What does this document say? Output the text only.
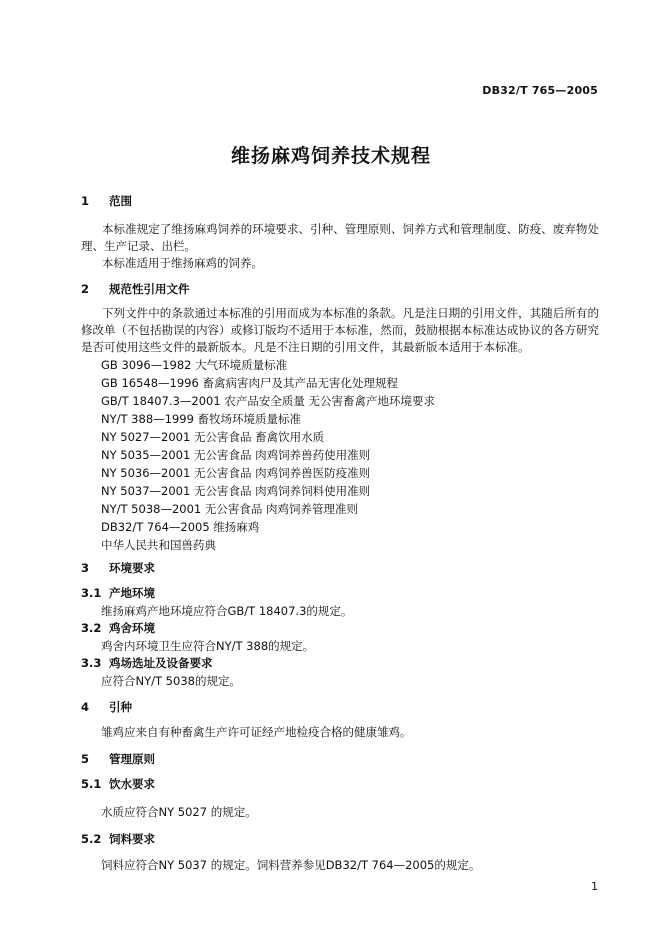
DB32/T 765—2005
维扬麻鸡饲养技术规程
1 范围
本标准规定了维扬麻鸡饲养的环境要求、引种、管理原则、饲养方式和管理制度、防疫、废弃物处理、生产记录、出栏。
本标准适用于维扬麻鸡的饲养。
2 规范性引用文件
下列文件中的条款通过本标准的引用而成为本标准的条款。凡是注日期的引用文件，其随后所有的修改单（不包括勘误的内容）或修订版均不适用于本标准，然而，鼓励根据本标准达成协议的各方研究是否可使用这些文件的最新版本。凡是不注日期的引用文件，其最新版本适用于本标准。
GB 3096—1982 大气环境质量标准
GB 16548—1996 畜禽病害肉尸及其产品无害化处理规程
GB/T 18407.3—2001 农产品安全质量 无公害畜禽产地环境要求
NY/T 388—1999 畜牧场环境质量标准
NY 5027—2001 无公害食品 畜禽饮用水质
NY 5035—2001 无公害食品 肉鸡饲养兽药使用准则
NY 5036—2001 无公害食品 肉鸡饲养兽医防疫准则
NY 5037—2001 无公害食品 肉鸡饲养饲料使用准则
NY/T 5038—2001 无公害食品 肉鸡饲养管理准则
DB32/T 764—2005 维扬麻鸡
中华人民共和国兽药典
3 环境要求
3.1 产地环境
维扬麻鸡产地环境应符合GB/T 18407.3的规定。
3.2 鸡舍环境
鸡舍内环境卫生应符合NY/T 388的规定。
3.3 鸡场选址及设备要求
应符合NY/T 5038的规定。
4 引种
雏鸡应来自有种畜禽生产许可证经产地检疫合格的健康雏鸡。
5 管理原则
5.1 饮水要求
水质应符合NY 5027 的规定。
5.2 饲料要求
饲料应符合NY 5037 的规定。饲料营养参见DB32/T 764—2005的规定。
1
